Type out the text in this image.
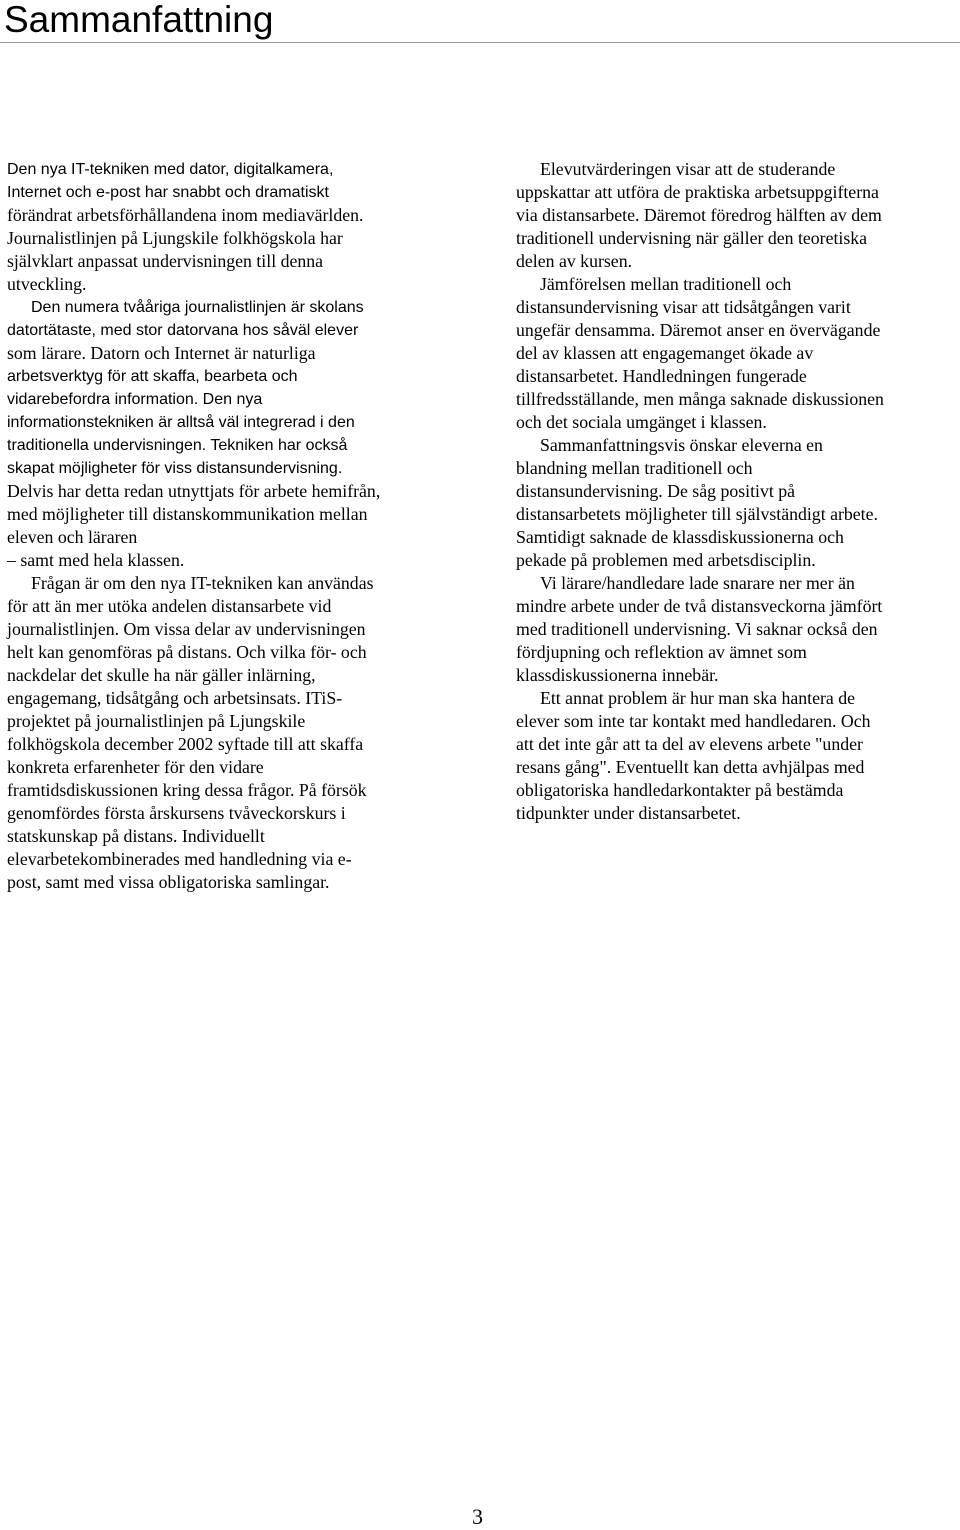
Sammanfattning
Den nya IT-tekniken med dator, digitalkamera,
Internet och e-post har snabbt och dramatiskt
förändrat arbetsförhållandena inom mediavärlden.
Journalistlinjen på Ljungskile folkhögskola har
självklart anpassat undervisningen till denna
utveckling.
Den numera tvååriga journalistlinjen är skolans
datortätaste, med stor datorvana hos såväl elever
som lärare. Datorn och Internet är naturliga
arbetsverktyg för att skaffa, bearbeta och
vidarebefordra information. Den nya
informationstekniken är alltså väl integrerad i den
traditionella undervisningen. Tekniken har också
skapat möjligheter för viss distansundervisning.
Delvis har detta redan utnyttjats för arbete hemifrån,
med möjligheter till distanskommunikation mellan
eleven och läraren
– samt med hela klassen.
Frågan är om den nya IT-tekniken kan användas
för att än mer utöka andelen distansarbete vid
journalistlinjen. Om vissa delar av undervisningen
helt kan genomföras på distans. Och vilka för- och
nackdelar det skulle ha när gäller inlärning,
engagemang, tidsåtgång och arbetsinsats. ITiS-
projektet på journalistlinjen på Ljungskile
folkhögskola december 2002 syftade till att skaffa
konkreta erfarenheter för den vidare
framtidsdiskussionen kring dessa frågor. På försök
genomfördes första årskursens tvåveckorskurs i
statskunskap på distans. Individuellt
elevarbetekombinerades med handledning via e-
post, samt med vissa obligatoriska samlingar.
Elevutvärderingen visar att de studerande
uppskattar att utföra de praktiska arbetsuppgifterna
via distansarbete. Däremot föredrog hälften av dem
traditionell undervisning när gäller den teoretiska
delen av kursen.
Jämförelsen mellan traditionell och
distansundervisning visar att tidsåtgången varit
ungefär densamma. Däremot anser en övervägande
del av klassen att engagemanget ökade av
distansarbetet. Handledningen fungerade
tillfredsställande, men många saknade diskussionen
och det sociala umgänget i klassen.
Sammanfattningsvis önskar eleverna en
blandning mellan traditionell och
distansundervisning. De såg positivt på
distansarbetets möjligheter till självständigt arbete.
Samtidigt saknade de klassdiskussionerna och
pekade på problemen med arbetsdisciplin.
Vi lärare/handledare lade snarare ner mer än
mindre arbete under de två distansveckorna jämfört
med traditionell undervisning. Vi saknar också den
fördjupning och reflektion av ämnet som
klassdiskussionerna innebär.
Ett annat problem är hur man ska hantera de
elever som inte tar kontakt med handledaren. Och
att det inte går att ta del av elevens arbete "under
resans gång". Eventuellt kan detta avhjälpas med
obligatoriska handledarkontakter på bestämda
tidpunkter under distansarbetet.
3
